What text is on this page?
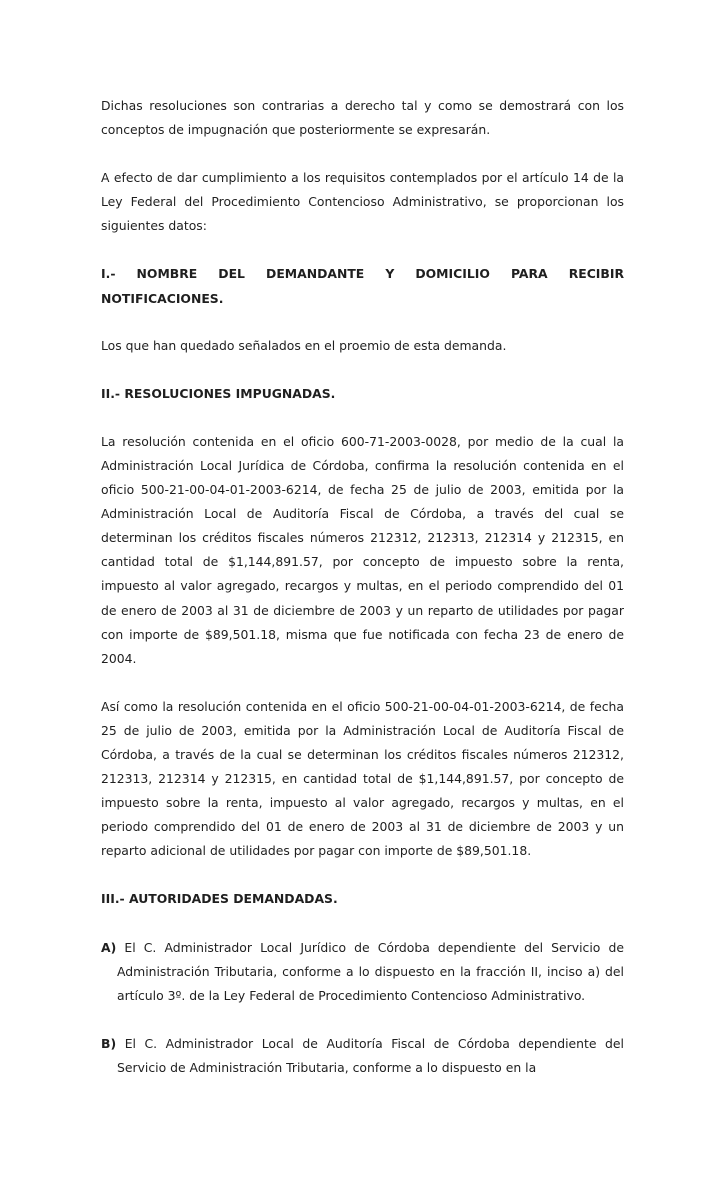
Dichas resoluciones son contrarias a derecho tal y como se demostrará con los conceptos de impugnación que posteriormente se expresarán.

A efecto de dar cumplimiento a los requisitos contemplados por el artículo 14 de la Ley Federal del Procedimiento Contencioso Administrativo, se proporcionan los siguientes datos:

I.- NOMBRE DEL DEMANDANTE Y DOMICILIO PARA RECIBIR NOTIFICACIONES.

Los que han quedado señalados en el proemio de esta demanda.

II.- RESOLUCIONES IMPUGNADAS.

La resolución contenida en el oficio 600-71-2003-0028, por medio de la cual la Administración Local Jurídica de Córdoba, confirma la resolución contenida en el oficio 500-21-00-04-01-2003-6214, de fecha 25 de julio de 2003, emitida por la Administración Local de Auditoría Fiscal de Córdoba, a través del cual se determinan los créditos fiscales números 212312, 212313, 212314 y 212315, en cantidad total de $1,144,891.57, por concepto de impuesto sobre la renta, impuesto al valor agregado, recargos y multas, en el periodo comprendido del 01 de enero de 2003 al 31 de diciembre de 2003 y un reparto de utilidades por pagar con importe de $89,501.18, misma que fue notificada con fecha 23 de enero de 2004.

Así como la resolución contenida en el oficio 500-21-00-04-01-2003-6214, de fecha 25 de julio de 2003, emitida por la Administración Local de Auditoría Fiscal de Córdoba, a través de la cual se determinan los créditos fiscales números 212312, 212313, 212314 y 212315, en cantidad total de $1,144,891.57, por concepto de impuesto sobre la renta, impuesto al valor agregado, recargos y multas, en el periodo comprendido del 01 de enero de 2003 al 31 de diciembre de 2003 y un reparto adicional de utilidades por pagar con importe de $89,501.18.

III.- AUTORIDADES DEMANDADAS.

A) El C. Administrador Local Jurídico de Córdoba dependiente del Servicio de Administración Tributaria, conforme a lo dispuesto en la fracción II, inciso a) del artículo 3º. de la Ley Federal de Procedimiento Contencioso Administrativo.

B) El C. Administrador Local de Auditoría Fiscal de Córdoba dependiente del Servicio de Administración Tributaria, conforme a lo dispuesto en la
